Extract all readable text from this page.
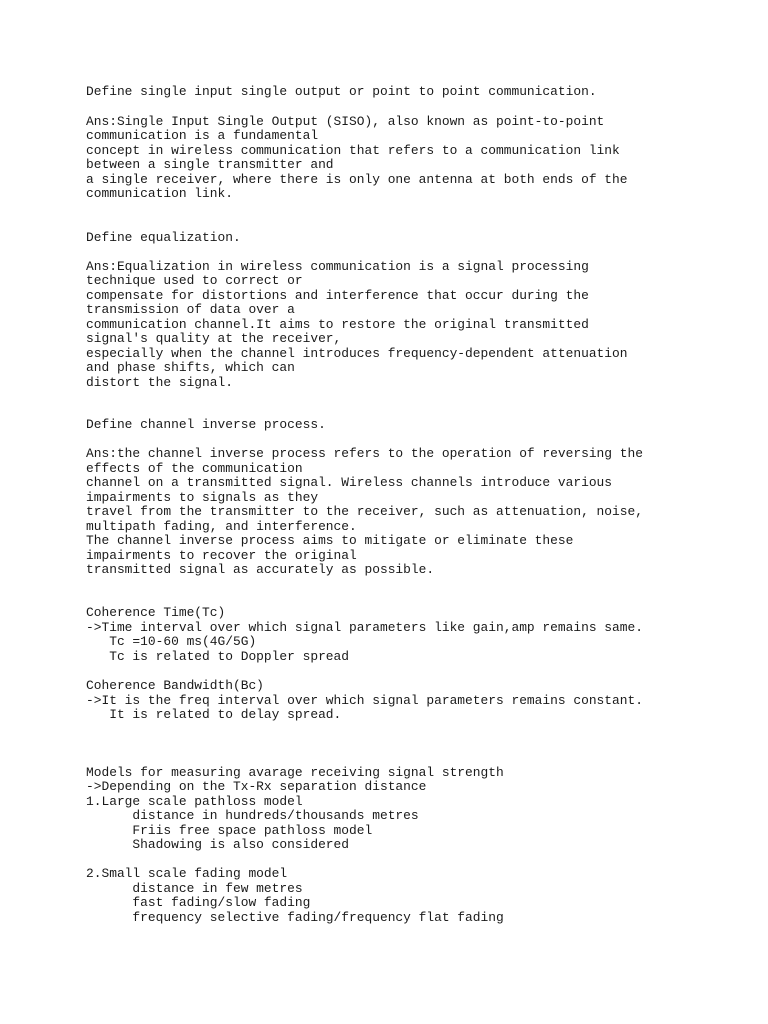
Define single input single output or point to point communication.
Ans:Single Input Single Output (SISO), also known as point-to-point
communication is a fundamental
concept in wireless communication that refers to a communication link
between a single transmitter and
a single receiver, where there is only one antenna at both ends of the
communication link.
Define equalization.
Ans:Equalization in wireless communication is a signal processing
technique used to correct or
compensate for distortions and interference that occur during the
transmission of data over a
communication channel.It aims to restore the original transmitted
signal's quality at the receiver,
especially when the channel introduces frequency-dependent attenuation
and phase shifts, which can
distort the signal.
Define channel inverse process.
Ans:the channel inverse process refers to the operation of reversing the
effects of the communication
channel on a transmitted signal. Wireless channels introduce various
impairments to signals as they
travel from the transmitter to the receiver, such as attenuation, noise,
multipath fading, and interference.
The channel inverse process aims to mitigate or eliminate these
impairments to recover the original
transmitted signal as accurately as possible.
Coherence Time(Tc)
->Time interval over which signal parameters like gain,amp remains same.
Tc =10-60 ms(4G/5G)
Tc is related to Doppler spread
Coherence Bandwidth(Bc)
->It is the freq interval over which signal parameters remains constant.
It is related to delay spread.
Models for measuring avarage receiving signal strength
->Depending on the Tx-Rx separation distance
1.Large scale pathloss model
distance in hundreds/thousands metres
Friis free space pathloss model
Shadowing is also considered
2.Small scale fading model
distance in few metres
fast fading/slow fading
frequency selective fading/frequency flat fading
